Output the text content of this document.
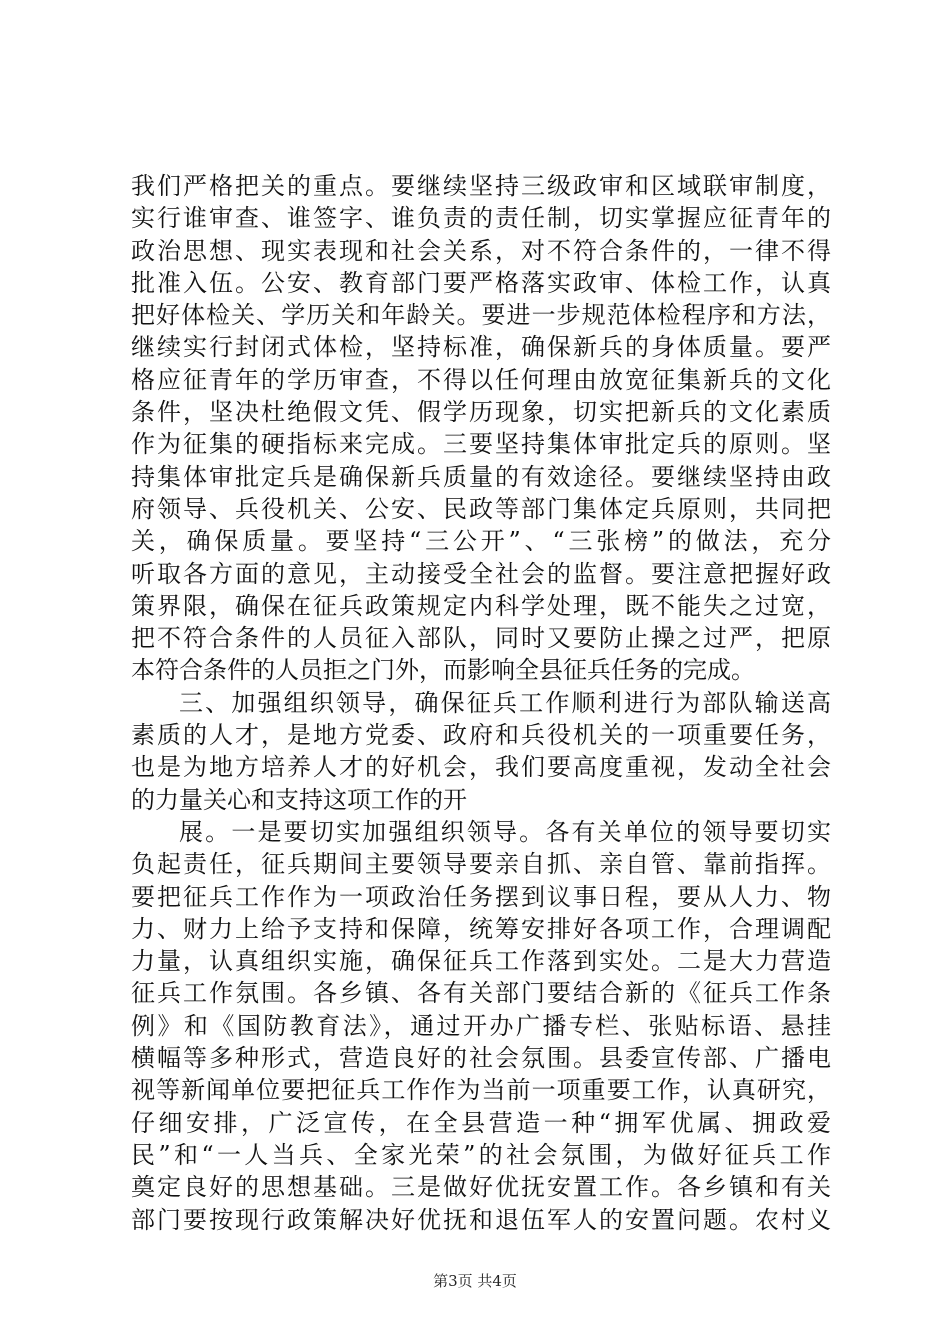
我们严格把关的重点。要继续坚持三级政审和区域联审制度，
实行谁审查、谁签字、谁负责的责任制，切实掌握应征青年的
政治思想、现实表现和社会关系，对不符合条件的，一律不得
批准入伍。公安、教育部门要严格落实政审、体检工作，认真
把好体检关、学历关和年龄关。要进一步规范体检程序和方法，
继续实行封闭式体检，坚持标准，确保新兵的身体质量。要严
格应征青年的学历审查，不得以任何理由放宽征集新兵的文化
条件，坚决杜绝假文凭、假学历现象，切实把新兵的文化素质
作为征集的硬指标来完成。三要坚持集体审批定兵的原则。坚
持集体审批定兵是确保新兵质量的有效途径。要继续坚持由政
府领导、兵役机关、公安、民政等部门集体定兵原则，共同把
关，确保质量。要坚持“三公开”、“三张榜”的做法，充分
听取各方面的意见，主动接受全社会的监督。要注意把握好政
策界限，确保在征兵政策规定内科学处理，既不能失之过宽，
把不符合条件的人员征入部队，同时又要防止操之过严，把原
本符合条件的人员拒之门外，而影响全县征兵任务的完成。
三、加强组织领导，确保征兵工作顺利进行为部队输送高
素质的人才，是地方党委、政府和兵役机关的一项重要任务，
也是为地方培养人才的好机会，我们要高度重视，发动全社会
的力量关心和支持这项工作的开
展。一是要切实加强组织领导。各有关单位的领导要切实
负起责任，征兵期间主要领导要亲自抓、亲自管、靠前指挥。
要把征兵工作作为一项政治任务摆到议事日程，要从人力、物
力、财力上给予支持和保障，统筹安排好各项工作，合理调配
力量，认真组织实施，确保征兵工作落到实处。二是大力营造
征兵工作氛围。各乡镇、各有关部门要结合新的《征兵工作条
例》和《国防教育法》，通过开办广播专栏、张贴标语、悬挂
横幅等多种形式，营造良好的社会氛围。县委宣传部、广播电
视等新闻单位要把征兵工作作为当前一项重要工作，认真研究，
仔细安排，广泛宣传，在全县营造一种“拥军优属、拥政爱
民”和“一人当兵、全家光荣”的社会氛围，为做好征兵工作
奠定良好的思想基础。三是做好优抚安置工作。各乡镇和有关
部门要按现行政策解决好优抚和退伍军人的安置问题。农村义
第3页 共4页
